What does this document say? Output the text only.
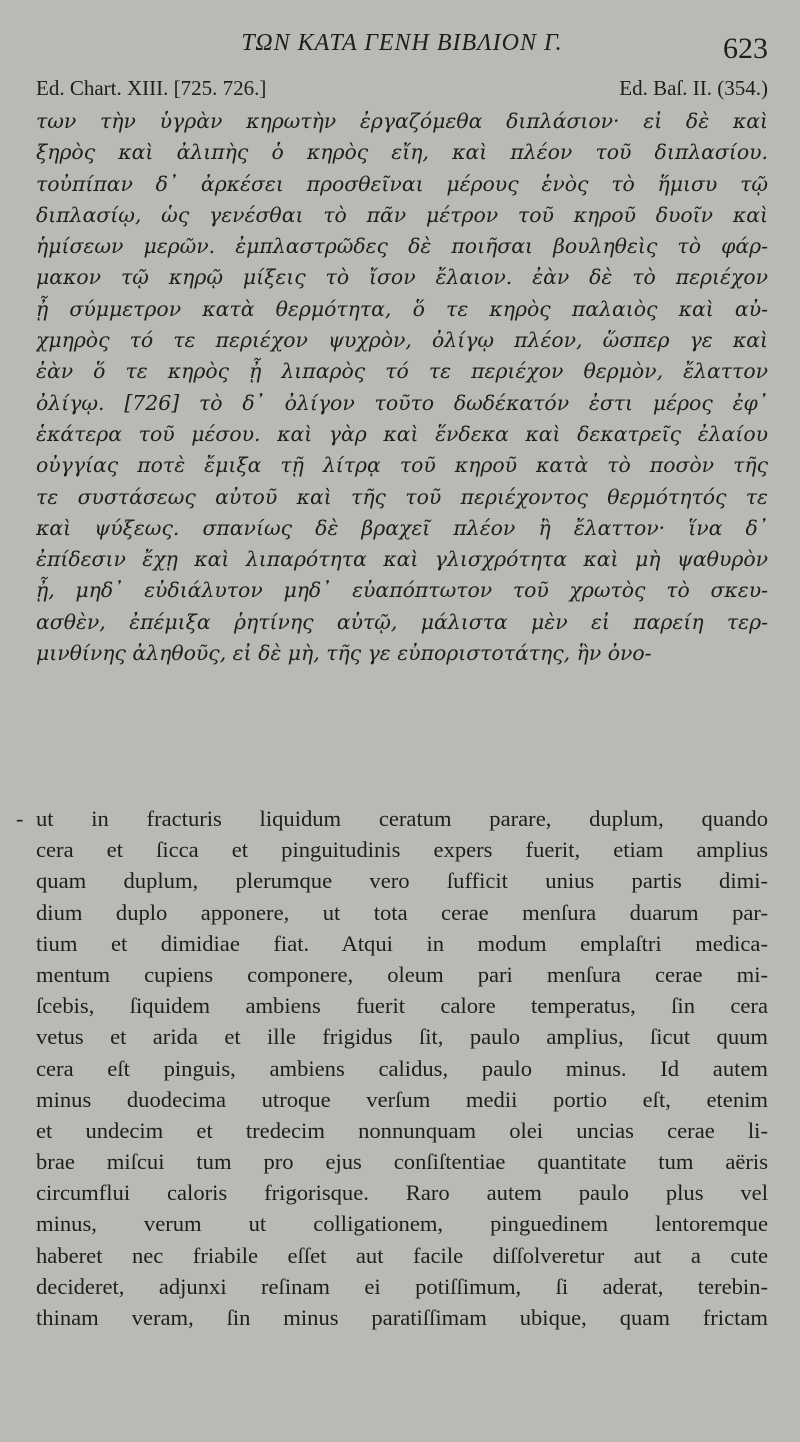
ΤΩΝ ΚΑΤΑ ΓΕΝΗ ΒΙΒΛΙΟΝ Γ.	623
Ed. Chart. XIII. [725. 726.]	Ed. Baſ. II. (354.)
των τὴν ὑγρὰν κηρωτὴν ἐργαζόμεθα διπλάσιον· εἰ δὲ καὶ
ξηρὸς καὶ ἀλιπὴς ὁ κηρὸς εἴη, καὶ πλέον τοῦ διπλασίου.
τοὐπίπαν δ᾽ ἀρκέσει προσθεῖναι μέρους ἑνὸς τὸ ἥμισυ τῷ
διπλασίῳ, ὡς γενέσθαι τὸ πᾶν μέτρον τοῦ κηροῦ δυοῖν καὶ
ἡμίσεων μερῶν. ἐμπλαστρῶδες δὲ ποιῆσαι βουληθεὶς τὸ φάρ-
μακον τῷ κηρῷ μίξεις τὸ ἴσον ἔλαιον. ἐὰν δὲ τὸ περιέχον
ᾖ σύμμετρον κατὰ θερμότητα, ὅ τε κηρὸς παλαιὸς καὶ αὐ-
χμηρὸς τό τε περιέχον ψυχρὸν, ὀλίγῳ πλέον, ὥσπερ γε καὶ
ἐὰν ὅ τε κηρὸς ᾖ λιπαρὸς τό τε περιέχον θερμὸν, ἔλαττον
ὀλίγῳ. [726] τὸ δ᾽ ὀλίγον τοῦτο δωδέκατόν ἐστι μέρος ἐφ᾽
ἑκάτερα τοῦ μέσου. καὶ γὰρ καὶ ἕνδεκα καὶ δεκατρεῖς ἐλαίου
οὐγγίας ποτὲ ἔμιξα τῇ λίτρᾳ τοῦ κηροῦ κατὰ τὸ ποσὸν τῆς
τε συστάσεως αὐτοῦ καὶ τῆς τοῦ περιέχοντος θερμότητός τε
καὶ ψύξεως. σπανίως δὲ βραχεῖ πλέον ἢ ἔλαττον· ἵνα δ᾽
ἐπίδεσιν ἔχῃ καὶ λιπαρότητα καὶ γλισχρότητα καὶ μὴ ψαθυρὸν
ᾖ, μηδ᾽ εὐδιάλυτον μηδ᾽ εὐαπόπτωτον τοῦ χρωτὸς τὸ σκευ-
ασθὲν, ἐπέμιξα ῥητίνης αὐτῷ, μάλιστα μὲν εἰ παρείη τερ-
μινθίνης ἀληθοῦς, εἰ δὲ μὴ, τῆς γε εὐποριστοτάτης, ἣν ὀνο-
- ut in fracturis liquidum ceratum parare, duplum, quando
cera et ſicca et pinguitudinis expers fuerit, etiam amplius
quam duplum, plerumque vero ſufficit unius partis dimi-
dium duplo apponere, ut tota cerae menſura duarum par-
tium et dimidiae fiat. Atqui in modum emplaſtri medica-
mentum cupiens componere, oleum pari menſura cerae mi-
ſcebis, ſiquidem ambiens fuerit calore temperatus, ſin cera
vetus et arida et ille frigidus ſit, paulo amplius, ſicut quum
cera eſt pinguis, ambiens calidus, paulo minus. Id autem
minus duodecima utroque verſum medii portio eſt, etenim
et undecim et tredecim nonnunquam olei uncias cerae li-
brae miſcui tum pro ejus conſiſtentiae quantitate tum aëris
circumflui caloris frigorisque. Raro autem paulo plus vel
minus, verum ut colligationem, pinguedinem lentoremque
haberet nec friabile eſſet aut facile diſſolveretur aut a cute
decideret, adjunxi reſinam ei potiſſimum, ſi aderat, terebin-
thinam veram, ſin minus paratiſſimam ubique, quam frictam
